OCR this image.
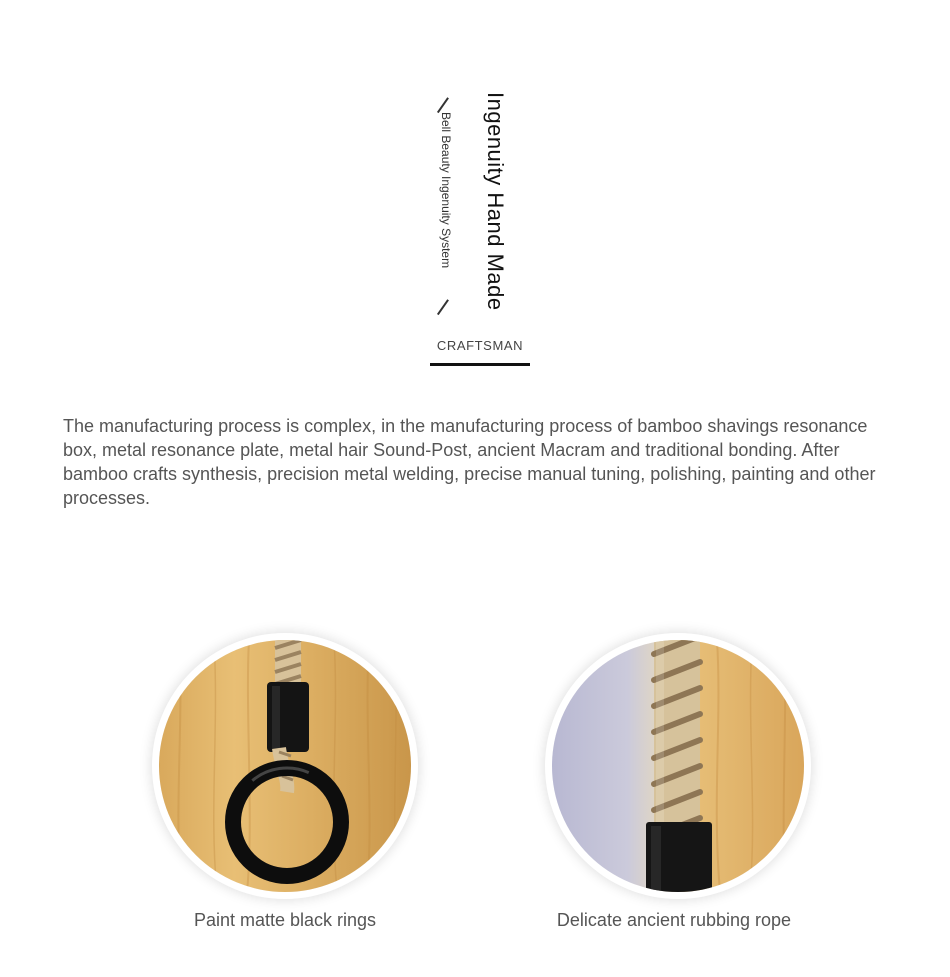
Ingenuity Hand Made
Bell Beauty Ingenuity System
CRAFTSMAN

The manufacturing process is complex, in the manufacturing process of bamboo shavings resonance box, metal resonance plate, metal hair Sound-Post, ancient Macram and traditional bonding. After bamboo crafts synthesis, precision metal welding, precise manual tuning, polishing, painting and other processes.

Paint matte black rings	Delicate ancient rubbing rope
